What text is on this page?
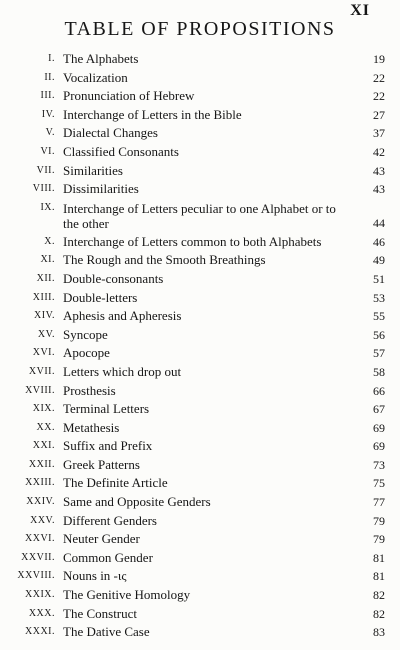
XI
TABLE OF PROPOSITIONS
I. The Alphabets	19
II. Vocalization	22
III. Pronunciation of Hebrew	22
IV. Interchange of Letters in the Bible	27
V. Dialectal Changes	37
VI. Classified Consonants	42
VII. Similarities	43
VIII. Dissimilarities	43
IX. Interchange of Letters peculiar to one Alphabet or to the other	44
X. Interchange of Letters common to both Alphabets	46
XI. The Rough and the Smooth Breathings	49
XII. Double-consonants	51
XIII. Double-letters	53
XIV. Aphesis and Apheresis	55
XV. Syncope	56
XVI. Apocope	57
XVII. Letters which drop out	58
XVIII. Prosthesis	66
XIX. Terminal Letters	67
XX. Metathesis	69
XXI. Suffix and Prefix	69
XXII. Greek Patterns	73
XXIII. The Definite Article	75
XXIV. Same and Opposite Genders	77
XXV. Different Genders	79
XXVI. Neuter Gender	79
XXVII. Common Gender	81
XXVIII. Nouns in -ις	81
XXIX. The Genitive Homology	82
XXX. The Construct	82
XXXI. The Dative Case	83
